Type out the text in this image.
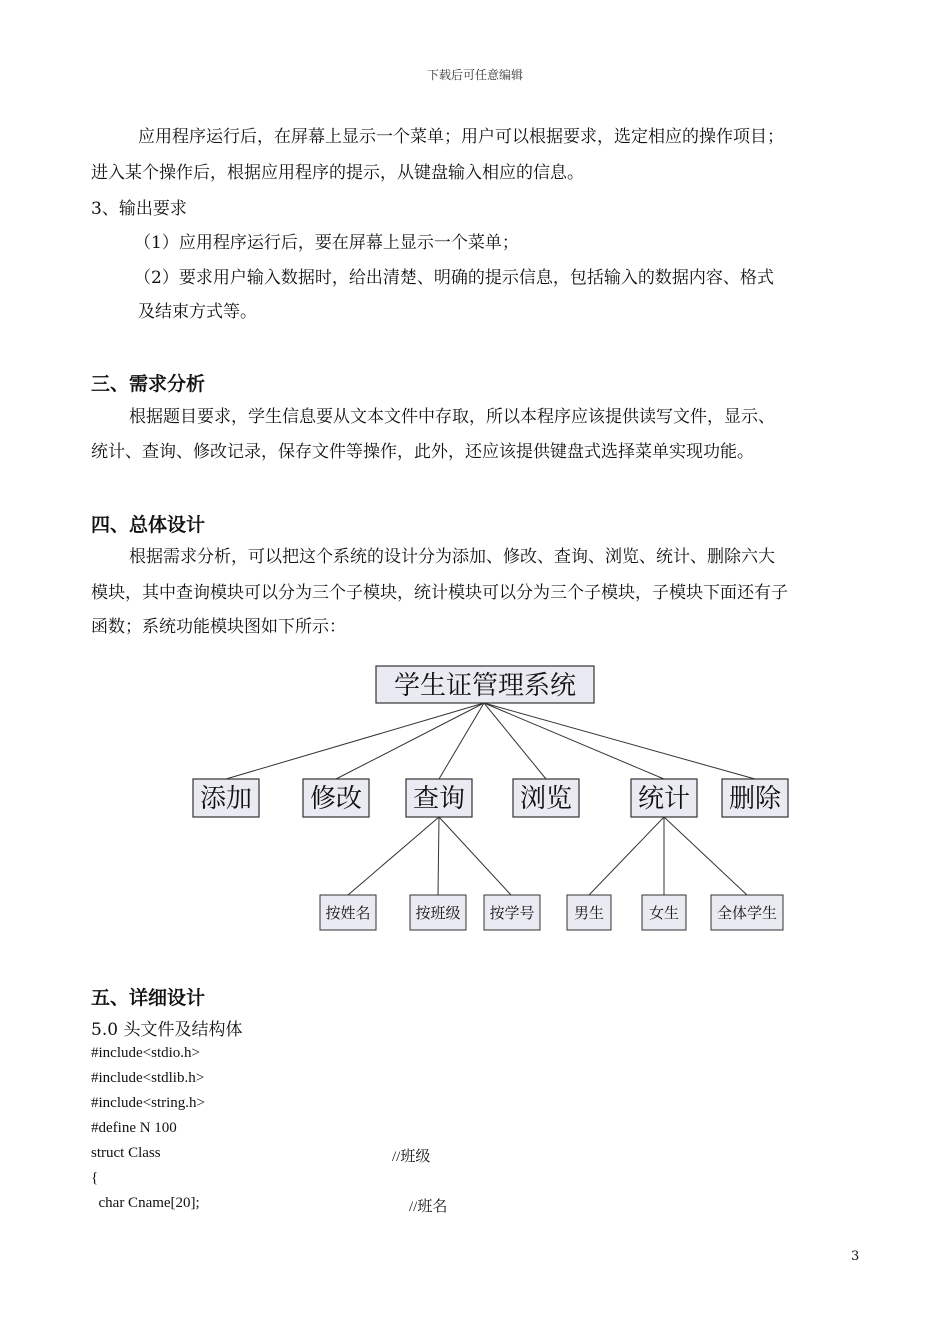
下载后可任意编辑
应用程序运行后，在屏幕上显示一个菜单；用户可以根据要求，选定相应的操作项目；
进入某个操作后，根据应用程序的提示，从键盘输入相应的信息。
3、输出要求
（1）应用程序运行后，要在屏幕上显示一个菜单；
（2）要求用户输入数据时，给出清楚、明确的提示信息，包括输入的数据内容、格式
及结束方式等。
三、需求分析
根据题目要求，学生信息要从文本文件中存取，所以本程序应该提供读写文件，显示、
统计、查询、修改记录，保存文件等操作，此外，还应该提供键盘式选择菜单实现功能。
四、总体设计
根据需求分析，可以把这个系统的设计分为添加、修改、查询、浏览、统计、删除六大
模块，其中查询模块可以分为三个子模块，统计模块可以分为三个子模块，子模块下面还有子
函数；系统功能模块图如下所示：
学生证管理系统
添加 修改 查询 浏览	统计 删除
按姓名	按班级 按学号	男生	女生	全体学生
五、详细设计
5.0 头文件及结构体
#include<stdio.h>
#include<stdlib.h>
#include<string.h>
#define N 100
struct Class	//班级
{
char Cname[20];	//班名
3
